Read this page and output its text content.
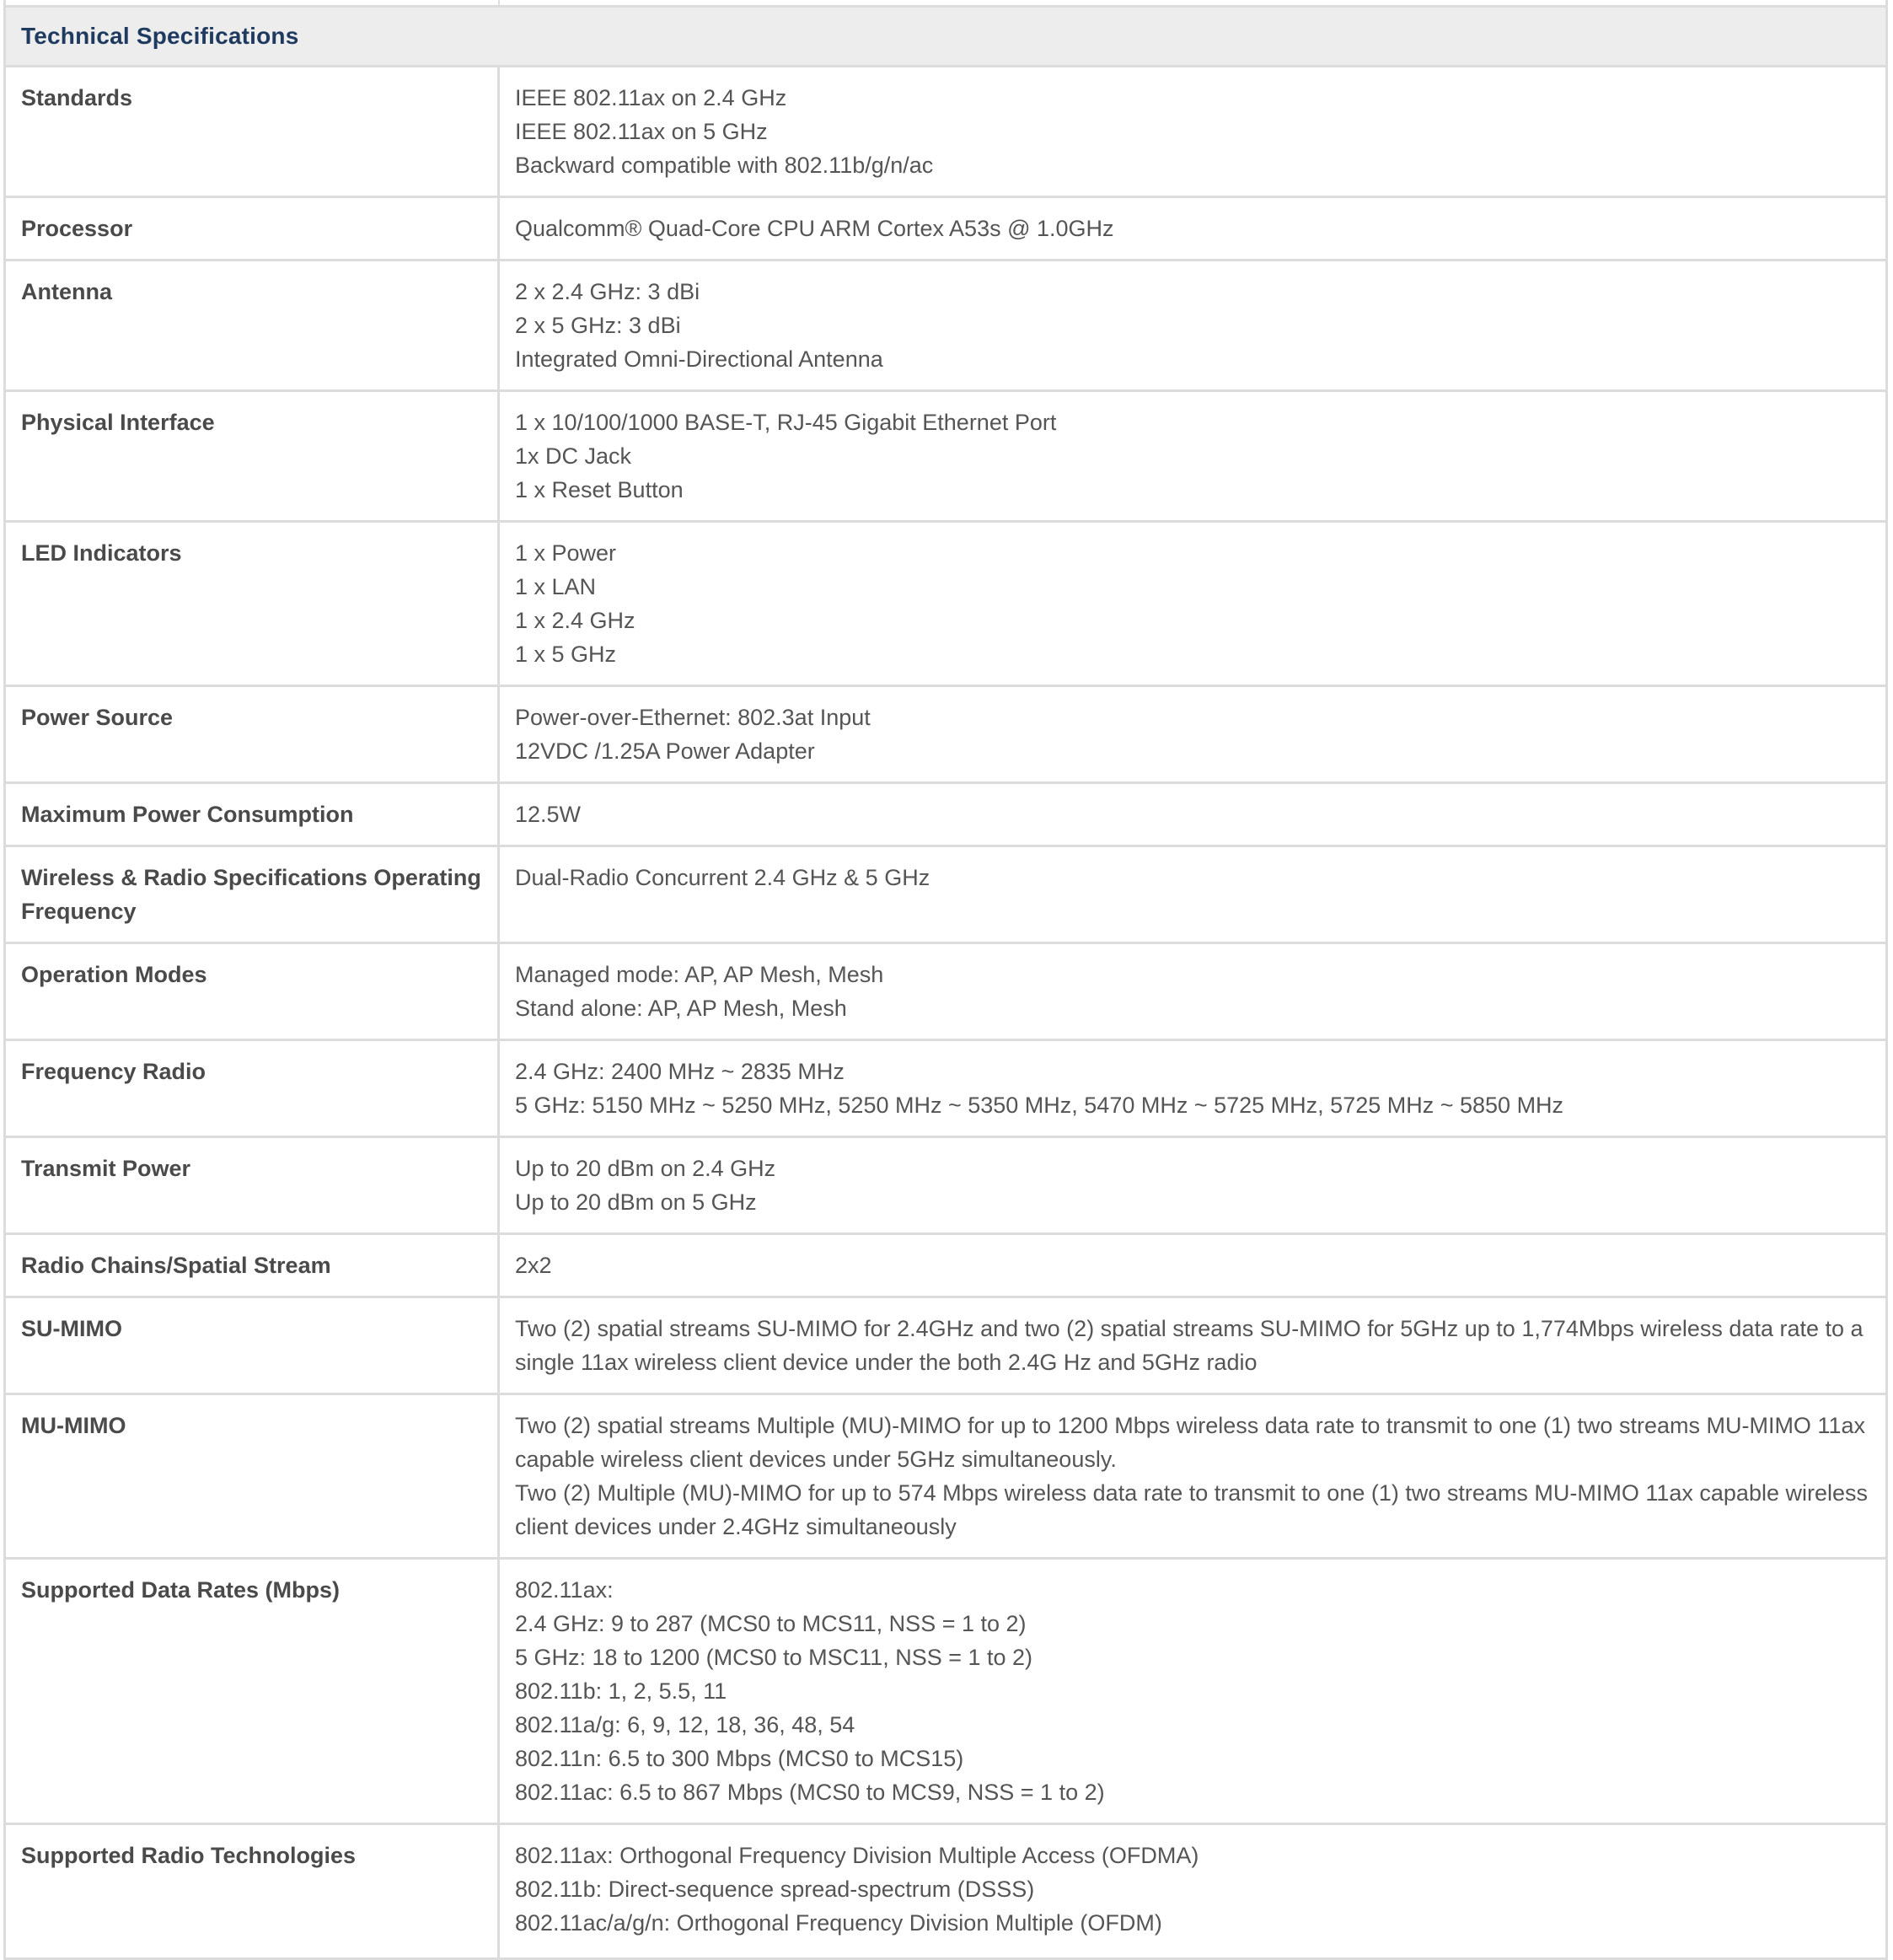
Technical Specifications	
Standards	IEEE 802.11ax on 2.4 GHz
IEEE 802.11ax on 5 GHz
Backward compatible with 802.11b/g/n/ac

Processor	Qualcomm® Quad-Core CPU ARM Cortex A53s @ 1.0GHz

Antenna	2 x 2.4 GHz: 3 dBi
2 x 5 GHz: 3 dBi
Integrated Omni-Directional Antenna

Physical Interface	1 x 10/100/1000 BASE-T, RJ-45 Gigabit Ethernet Port
1x DC Jack
1 x Reset Button

LED Indicators	1 x Power
1 x LAN
1 x 2.4 GHz
1 x 5 GHz

Power Source	Power-over-Ethernet: 802.3at Input
12VDC /1.25A Power Adapter

Maximum Power Consumption	12.5W

Wireless & Radio Specifications Operating Frequency	Dual-Radio Concurrent 2.4 GHz & 5 GHz

Operation Modes	Managed mode: AP, AP Mesh, Mesh
Stand alone: AP, AP Mesh, Mesh

Frequency Radio	2.4 GHz: 2400 MHz ~ 2835 MHz
5 GHz: 5150 MHz ~ 5250 MHz, 5250 MHz ~ 5350 MHz, 5470 MHz ~ 5725 MHz, 5725 MHz ~ 5850 MHz

Transmit Power	Up to 20 dBm on 2.4 GHz
Up to 20 dBm on 5 GHz

Radio Chains/Spatial Stream	2x2

SU-MIMO	Two (2) spatial streams SU-MIMO for 2.4GHz and two (2) spatial streams SU-MIMO for 5GHz up to 1,774Mbps wireless data rate to a single 11ax wireless client device under the both 2.4G Hz and 5GHz radio

MU-MIMO	Two (2) spatial streams Multiple (MU)-MIMO for up to 1200 Mbps wireless data rate to transmit to one (1) two streams MU-MIMO 11ax capable wireless client devices under 5GHz simultaneously.
Two (2) Multiple (MU)-MIMO for up to 574 Mbps wireless data rate to transmit to one (1) two streams MU-MIMO 11ax capable wireless client devices under 2.4GHz simultaneously

Supported Data Rates (Mbps)	802.11ax:
2.4 GHz: 9 to 287 (MCS0 to MCS11, NSS = 1 to 2)
5 GHz: 18 to 1200 (MCS0 to MSC11, NSS = 1 to 2)
802.11b: 1, 2, 5.5, 11
802.11a/g: 6, 9, 12, 18, 36, 48, 54
802.11n: 6.5 to 300 Mbps (MCS0 to MCS15)
802.11ac: 6.5 to 867 Mbps (MCS0 to MCS9, NSS = 1 to 2)

Supported Radio Technologies	802.11ax: Orthogonal Frequency Division Multiple Access (OFDMA)
802.11b: Direct-sequence spread-spectrum (DSSS)
802.11ac/a/g/n: Orthogonal Frequency Division Multiple (OFDM)
